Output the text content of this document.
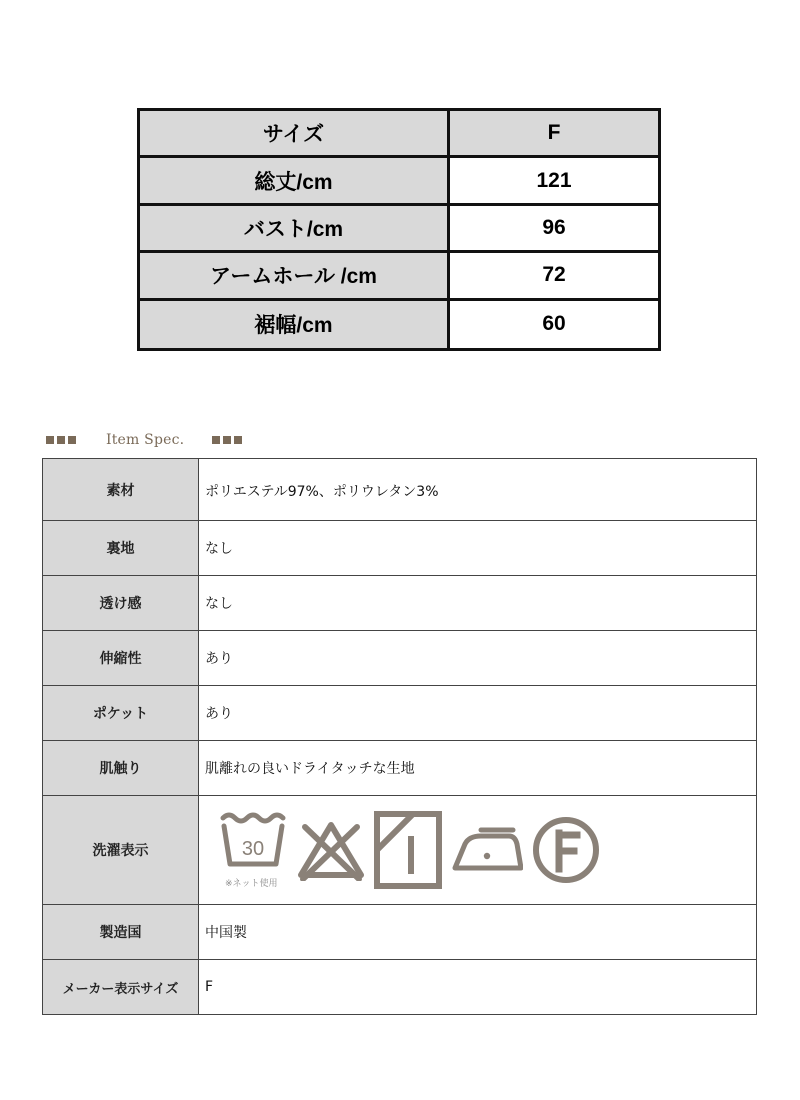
サイズ	F
総丈/cm	121
バスト/cm	96
アームホール /cm	72
裾幅/cm	60
Item Spec.
素材	ポリエステル97%、ポリウレタン3%
裏地	なし
透け感	なし
伸縮性	あり
ポケット	あり
肌触り	肌離れの良いドライタッチな生地
洗濯表示	30
※ネット使用
製造国	中国製
メーカー表示サイズ	F
